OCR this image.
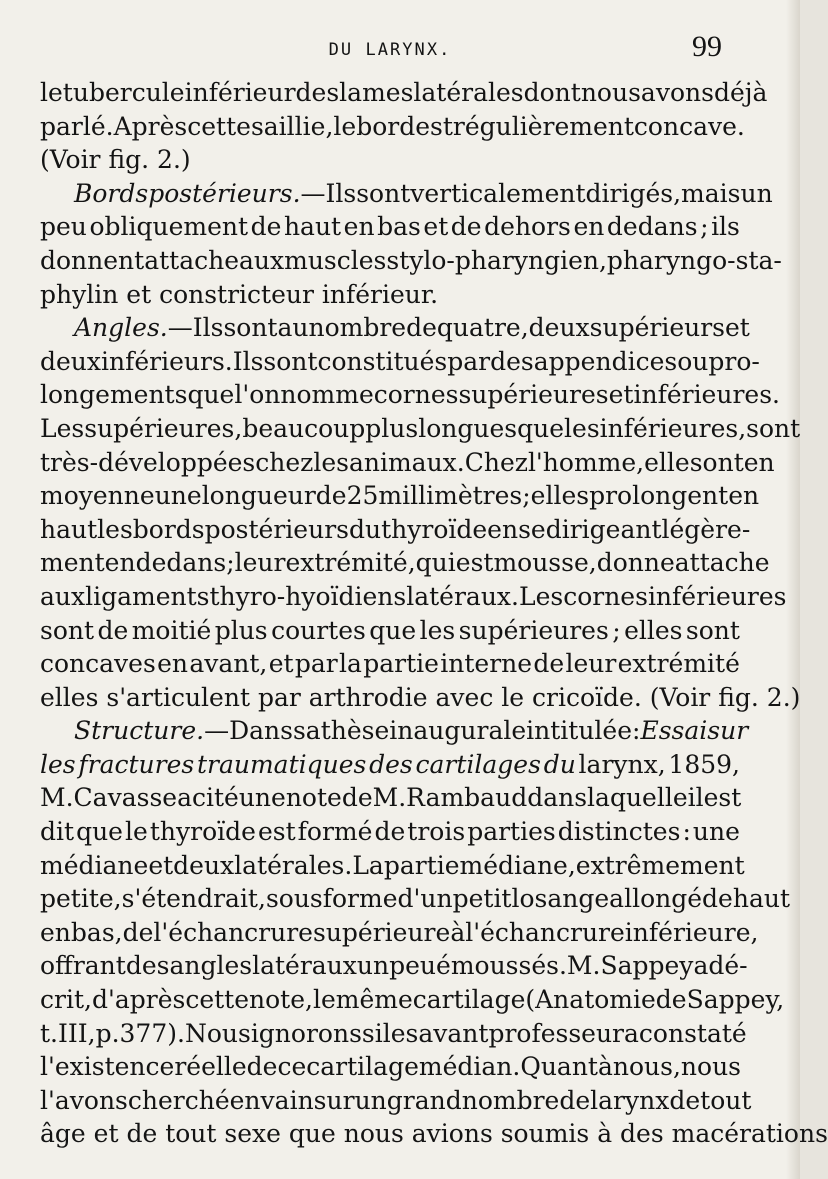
DU LARYNX.	99
le tubercule inférieur des lames latérales dont nous avons déjà
parlé. Après cette saillie, le bord est régulièrement concave.
(Voir fig. 2.)
Bords postérieurs. — Ils sont verticalement dirigés, mais un
peu obliquement de haut en bas et de dehors en dedans ; ils
donnent attache aux muscles stylo-pharyngien, pharyngo-sta-
phylin et constricteur inférieur.
Angles. — Ils sont au nombre de quatre, deux supérieurs et
deux inférieurs. Ils sont constitués par des appendices ou pro-
longements que l'on nomme cornes supérieures et inférieures.
Les supérieures, beaucoup plus longues que les inférieures, sont
très-développées chez les animaux. Chez l'homme, elles ont en
moyenne une longueur de 25 millimètres ; elles prolongent en
haut les bords postérieurs du thyroïde en se dirigeant légère-
ment en dedans ; leur extrémité, qui est mousse, donne attache
aux ligaments thyro-hyoïdiens latéraux. Les cornes inférieures
sont de moitié plus courtes que les supérieures ; elles sont
concaves en avant, et par la partie interne de leur extrémité
elles s'articulent par arthrodie avec le cricoïde. (Voir fig. 2.)
Structure. — Dans sa thèse inaugurale intitulée : Essai sur
les fractures traumatiques des cartilages du larynx, 1859,
M. Cavasse a cité une note de M. Rambaud dans laquelle il est
dit que le thyroïde est formé de trois parties distinctes : une
médiane et deux latérales. La partie médiane, extrêmement
petite, s'étendrait, sous forme d'un petit losange allongé de haut
en bas, de l'échancrure supérieure à l'échancrure inférieure,
offrant des angles latéraux un peu émoussés. M. Sappey a dé-
crit, d'après cette note, le même cartilage (Anatomie de Sappey,
t. III, p. 377). Nous ignorons si le savant professeur a constaté
l'existence réelle de ce cartilage médian. Quant à nous, nous
l'avons cherché en vain sur un grand nombre de larynx de tout
âge et de tout sexe que nous avions soumis à des macérations
